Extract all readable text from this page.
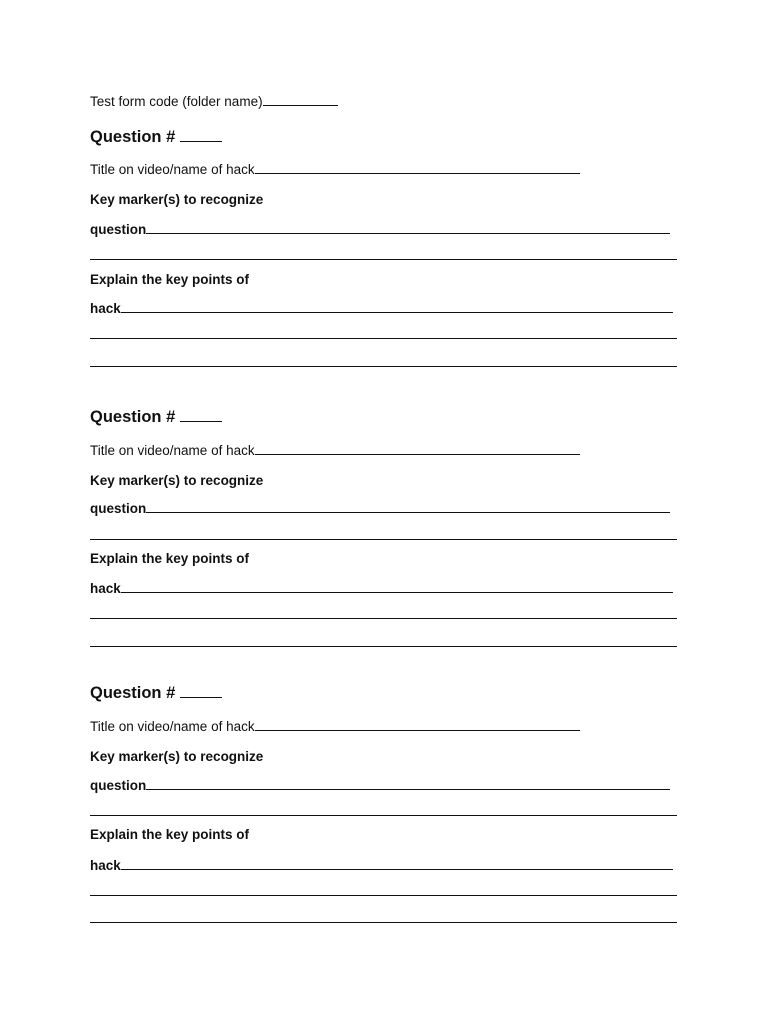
Test form code (folder name)
Question #
Title on video/name of hack
Key marker(s) to recognize
question
Explain the key points of
hack
Question #
Title on video/name of hack
Key marker(s) to recognize
question
Explain the key points of
hack
Question #
Title on video/name of hack
Key marker(s) to recognize
question
Explain the key points of
hack
